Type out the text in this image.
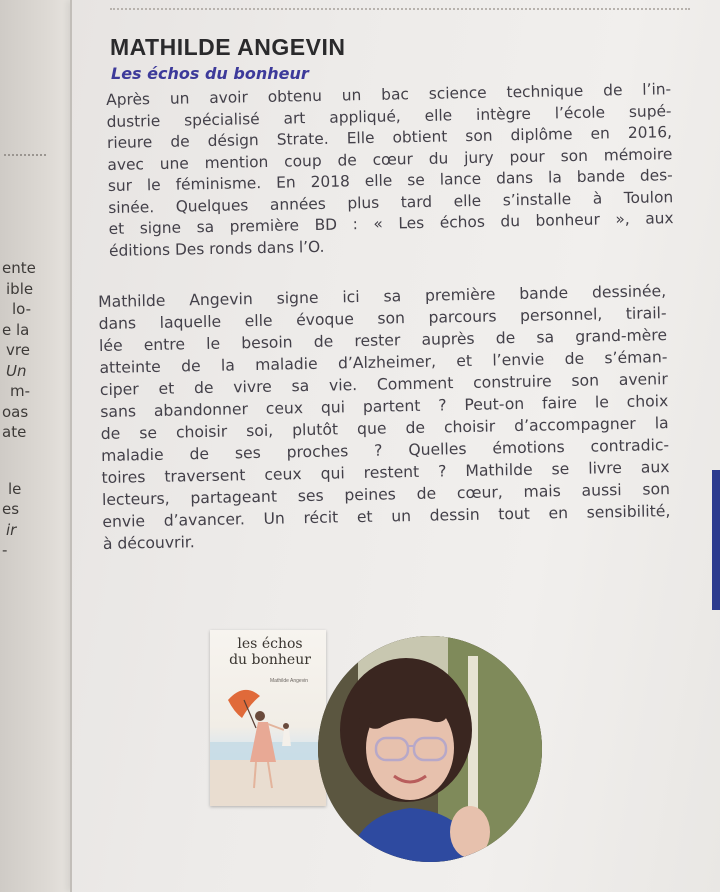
ente
ible
lo-
e la
vre
Un
m-
oas
ate
le
es
ir
-
MATHILDE ANGEVIN
Les échos du bonheur
Après un avoir obtenu un bac science technique de l’in-
dustrie spécialisé art appliqué, elle intègre l’école supé-
rieure de désign Strate. Elle obtient son diplôme en 2016,
avec une mention coup de cœur du jury pour son mémoire
sur le féminisme. En 2018 elle se lance dans la bande des-
sinée. Quelques années plus tard elle s’installe à Toulon
et signe sa première BD : « Les échos du bonheur », aux
éditions Des ronds dans l’O.
Mathilde Angevin signe ici sa première bande dessinée,
dans laquelle elle évoque son parcours personnel, tirail-
lée entre le besoin de rester auprès de sa grand-mère
atteinte de la maladie d’Alzheimer, et l’envie de s’éman-
ciper et de vivre sa vie. Comment construire son avenir
sans abandonner ceux qui partent ? Peut-on faire le choix
de se choisir soi, plutôt que de choisir d’accompagner la
maladie de ses proches ? Quelles émotions contradic-
toires traversent ceux qui restent ? Mathilde se livre aux
lecteurs, partageant ses peines de cœur, mais aussi son
envie d’avancer. Un récit et un dessin tout en sensibilité,
à découvrir.
les échos
du bonheur
Mathilde Angevin
